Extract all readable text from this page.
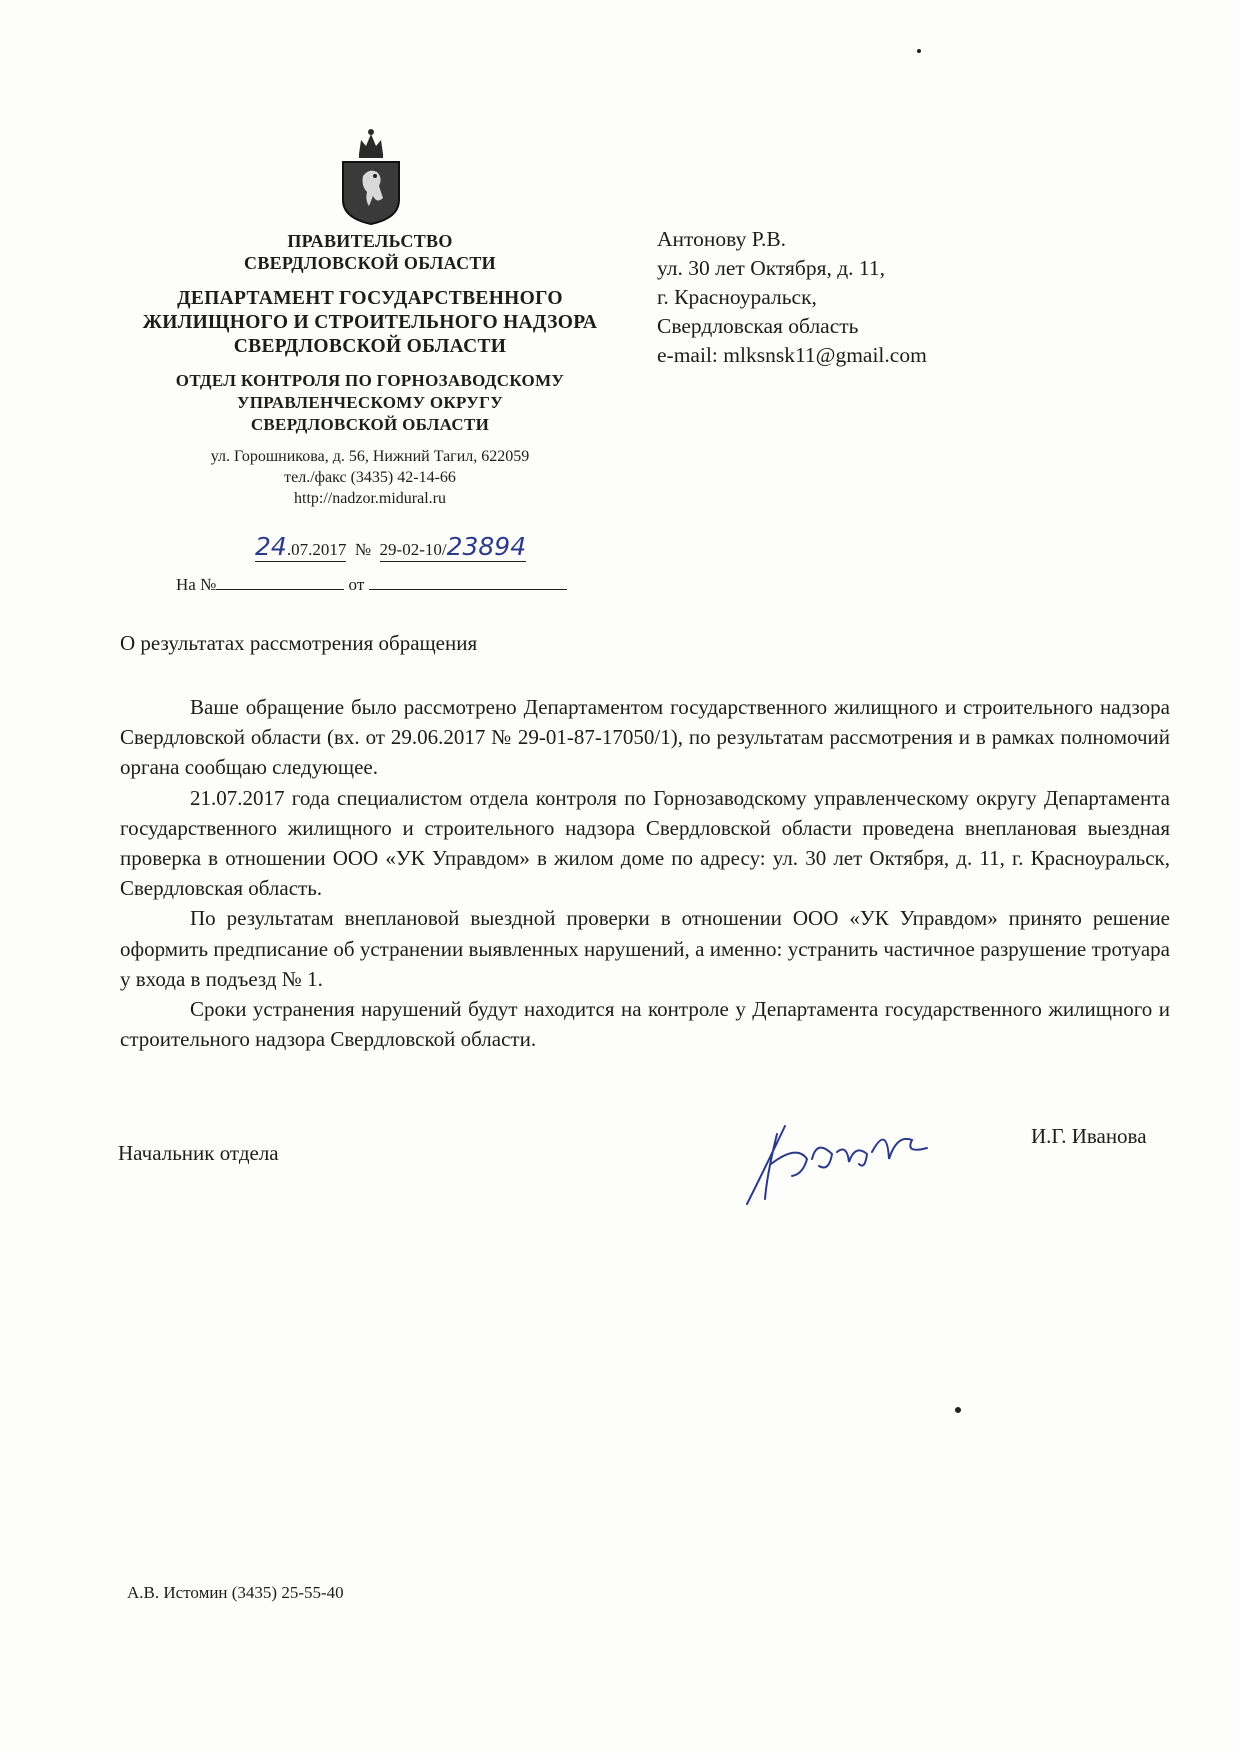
ПРАВИТЕЛЬСТВО
СВЕРДЛОВСКОЙ ОБЛАСТИ
ДЕПАРТАМЕНТ ГОСУДАРСТВЕННОГО
ЖИЛИЩНОГО И СТРОИТЕЛЬНОГО НАДЗОРА
СВЕРДЛОВСКОЙ ОБЛАСТИ
ОТДЕЛ КОНТРОЛЯ ПО ГОРНОЗАВОДСКОМУ
УПРАВЛЕНЧЕСКОМУ ОКРУГУ
СВЕРДЛОВСКОЙ ОБЛАСТИ
ул. Горошникова, д. 56, Нижний Тагил, 622059
тел./факс (3435) 42-14-66
http://nadzor.midural.ru
24.07.2017 № 29-02-10/23894
На №	от
Антонову Р.В.
ул. 30 лет Октября, д. 11,
г. Красноуральск,
Свердловская область
e-mail: mlksnsk11@gmail.com
О результатах рассмотрения обращения

Ваше обращение было рассмотрено Департаментом государственного жилищного и строительного надзора Свердловской области (вх. от 29.06.2017 № 29-01-87-17050/1), по результатам рассмотрения и в рамках полномочий органа сообщаю следующее.

21.07.2017 года специалистом отдела контроля по Горнозаводскому управленческому округу Департамента государственного жилищного и строительного надзора Свердловской области проведена внеплановая выездная проверка в отношении ООО «УК Управдом» в жилом доме по адресу: ул. 30 лет Октября, д. 11, г. Красноуральск, Свердловская область.

По результатам внеплановой выездной проверки в отношении ООО «УК Управдом» принято решение оформить предписание об устранении выявленных нарушений, а именно: устранить частичное разрушение тротуара у входа в подъезд № 1.

Сроки устранения нарушений будут находится на контроле у Департамента государственного жилищного и строительного надзора Свердловской области.

Начальник отдела
И.Г. Иванова
А.В. Истомин (3435) 25-55-40
